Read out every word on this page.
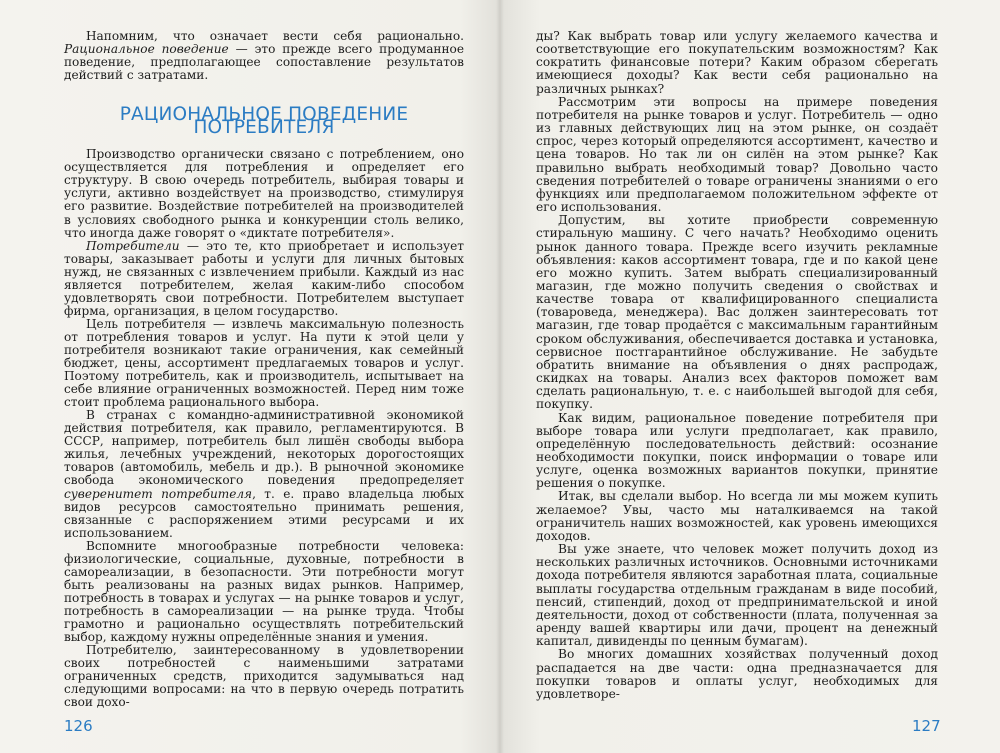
Напомним, что означает вести себя рационально. Рациональное поведение — это прежде всего продуманное поведение, предполагающее сопоставление результатов действий с затратами.

РАЦИОНАЛЬНОЕ ПОВЕДЕНИЕ ПОТРЕБИТЕЛЯ

Производство органически связано с потреблением, оно осуществляется для потребления и определяет его структуру. В свою очередь потребитель, выбирая товары и услуги, активно воздействует на производство, стимулируя его развитие. Воздействие потребителей на производителей в условиях свободного рынка и конкуренции столь велико, что иногда даже говорят о «диктате потребителя».

Потребители — это те, кто приобретает и использует товары, заказывает работы и услуги для личных бытовых нужд, не связанных с извлечением прибыли. Каждый из нас является потребителем, желая каким-либо способом удовлетворять свои потребности. Потребителем выступает фирма, организация, в целом государство.

Цель потребителя — извлечь максимальную полезность от потребления товаров и услуг. На пути к этой цели у потребителя возникают такие ограничения, как семейный бюджет, цены, ассортимент предлагаемых товаров и услуг. Поэтому потребитель, как и производитель, испытывает на себе влияние ограниченных возможностей. Перед ним тоже стоит проблема рационального выбора.

В странах с командно-административной экономикой действия потребителя, как правило, регламентируются. В СССР, например, потребитель был лишён свободы выбора жилья, лечебных учреждений, некоторых дорогостоящих товаров (автомобиль, мебель и др.). В рыночной экономике свобода экономического поведения предопределяет суверенитет потребителя, т. е. право владельца любых видов ресурсов самостоятельно принимать решения, связанные с распоряжением этими ресурсами и их использованием.

Вспомните многообразные потребности человека: физиологические, социальные, духовные, потребности в самореализации, в безопасности. Эти потребности могут быть реализованы на разных видах рынков. Например, потребность в товарах и услугах — на рынке товаров и услуг, потребность в самореализации — на рынке труда. Чтобы грамотно и рационально осуществлять потребительский выбор, каждому нужны определённые знания и умения.

Потребителю, заинтересованному в удовлетворении своих потребностей с наименьшими затратами ограниченных средств, приходится задумываться над следующими вопросами: на что в первую очередь потратить свои дохо-

ды? Как выбрать товар или услугу желаемого качества и соответствующие его покупательским возможностям? Как сократить финансовые потери? Каким образом сберегать имеющиеся доходы? Как вести себя рационально на различных рынках?

Рассмотрим эти вопросы на примере поведения потребителя на рынке товаров и услуг. Потребитель — одно из главных действующих лиц на этом рынке, он создаёт спрос, через который определяются ассортимент, качество и цена товаров. Но так ли он силён на этом рынке? Как правильно выбрать необходимый товар? Довольно часто сведения потребителей о товаре ограничены знаниями о его функциях или предполагаемом положительном эффекте от его использования.

Допустим, вы хотите приобрести современную стиральную машину. С чего начать? Необходимо оценить рынок данного товара. Прежде всего изучить рекламные объявления: каков ассортимент товара, где и по какой цене его можно купить. Затем выбрать специализированный магазин, где можно получить сведения о свойствах и качестве товара от квалифицированного специалиста (товароведа, менеджера). Вас должен заинтересовать тот магазин, где товар продаётся с максимальным гарантийным сроком обслуживания, обеспечивается доставка и установка, сервисное постгарантийное обслуживание. Не забудьте обратить внимание на объявления о днях распродаж, скидках на товары. Анализ всех факторов поможет вам сделать рациональную, т. е. с наибольшей выгодой для себя, покупку.

Как видим, рациональное поведение потребителя при выборе товара или услуги предполагает, как правило, определённую последовательность действий: осознание необходимости покупки, поиск информации о товаре или услуге, оценка возможных вариантов покупки, принятие решения о покупке.

Итак, вы сделали выбор. Но всегда ли мы можем купить желаемое? Увы, часто мы наталкиваемся на такой ограничитель наших возможностей, как уровень имеющихся доходов.

Вы уже знаете, что человек может получить доход из нескольких различных источников. Основными источниками дохода потребителя являются заработная плата, социальные выплаты государства отдельным гражданам в виде пособий, пенсий, стипендий, доход от предпринимательской и иной деятельности, доход от собственности (плата, полученная за аренду вашей квартиры или дачи, процент на денежный капитал, дивиденды по ценным бумагам).

Во многих домашних хозяйствах полученный доход распадается на две части: одна предназначается для покупки товаров и оплаты услуг, необходимых для удовлетворе-

126	127
